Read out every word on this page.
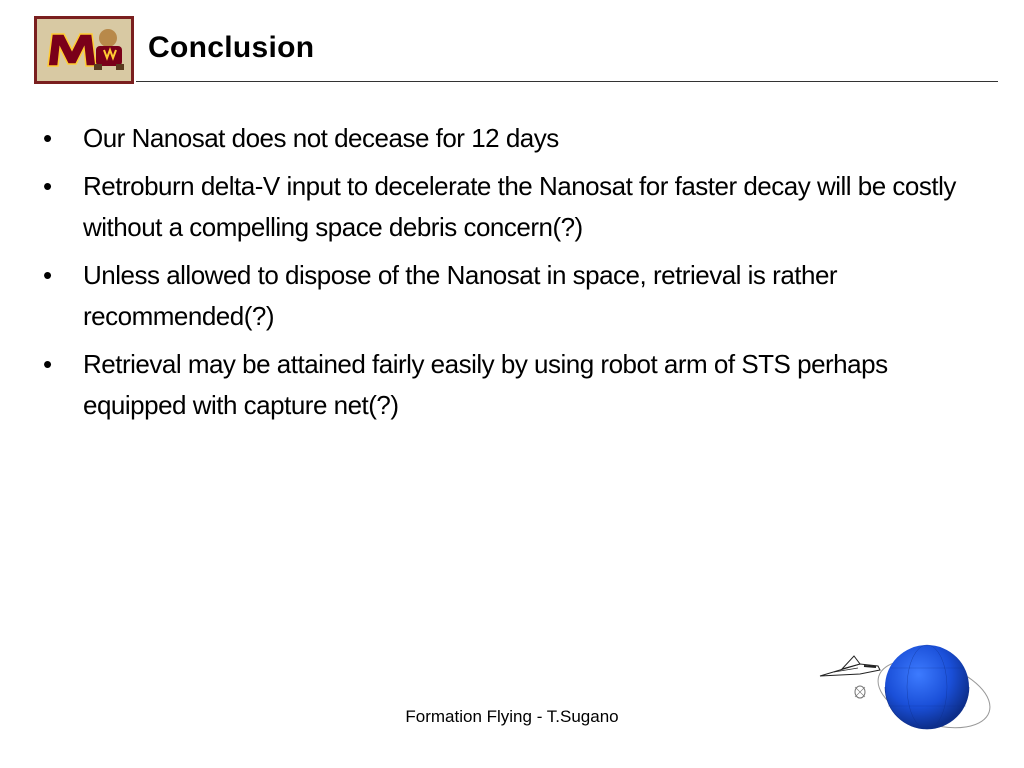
Conclusion
•	Our Nanosat does not decease for 12 days
•	Retroburn delta-V input to decelerate the Nanosat for faster decay will be costly without a compelling space debris concern(?)
•	Unless allowed to dispose of the Nanosat in space, retrieval is rather recommended(?)
•	Retrieval may be attained fairly easily by using robot arm of STS perhaps equipped with capture net(?)
Formation Flying - T.Sugano
